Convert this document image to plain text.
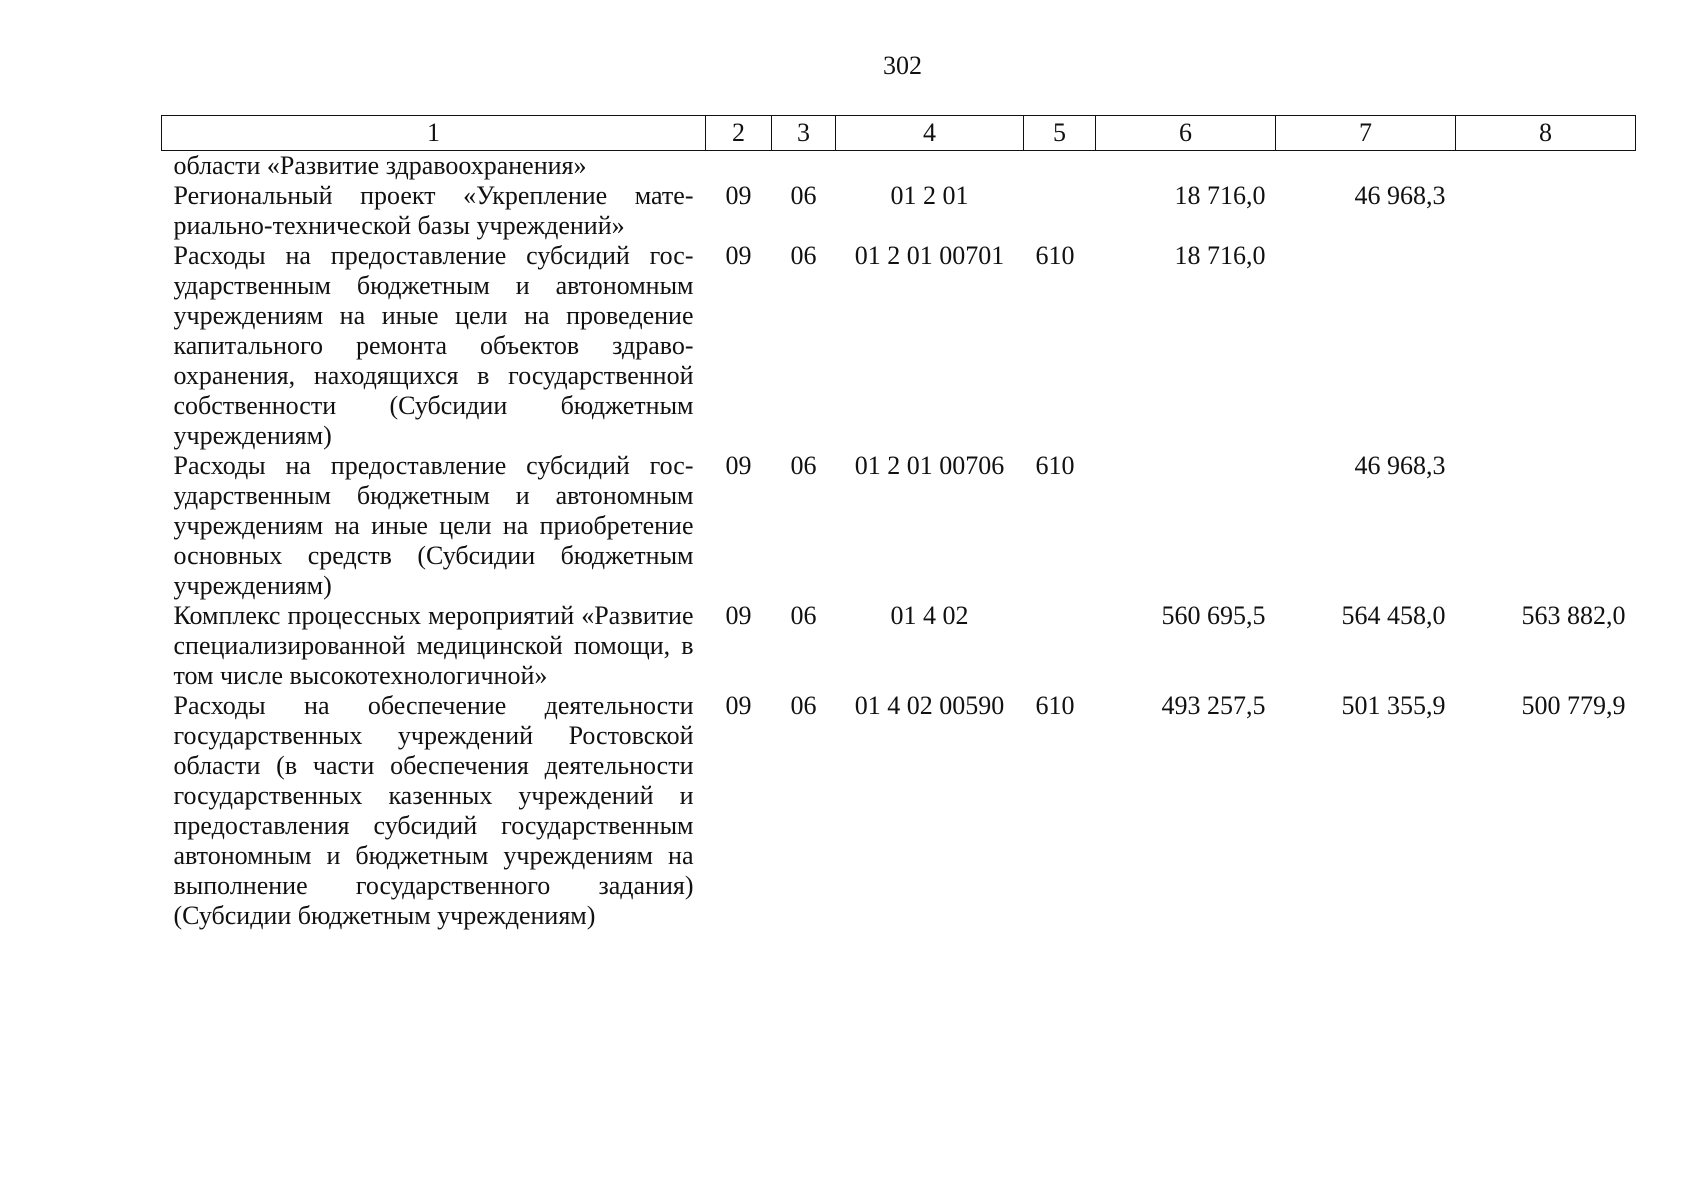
302
1	2	3	4	5	6	7	8
области «Развитие здравоохранения»							
Региональный проект «Укрепление материально-технической базы учреждений»	09	06	01 2 01		18 716,0	46 968,3	
Расходы на предоставление субсидий государственным бюджетным и автономным учреждениям на иные цели на проведение капитального ремонта объектов здравоохранения, находящихся в государственной собственности (Субсидии бюджетным учреждениям)	09	06	01 2 01 00701	610	18 716,0		
Расходы на предоставление субсидий государственным бюджетным и автономным учреждениям на иные цели на приобретение основных средств (Субсидии бюджетным учреждениям)	09	06	01 2 01 00706	610		46 968,3	
Комплекс процессных мероприятий «Развитие специализированной медицинской помощи, в том числе высокотехнологичной»	09	06	01 4 02		560 695,5	564 458,0	563 882,0
Расходы на обеспечение деятельности государственных учреждений Ростовской области (в части обеспечения деятельности государственных казенных учреждений и предоставления субсидий государственным автономным и бюджетным учреждениям на выполнение государственного задания) (Субсидии бюджетным учреждениям)	09	06	01 4 02 00590	610	493 257,5	501 355,9	500 779,9
